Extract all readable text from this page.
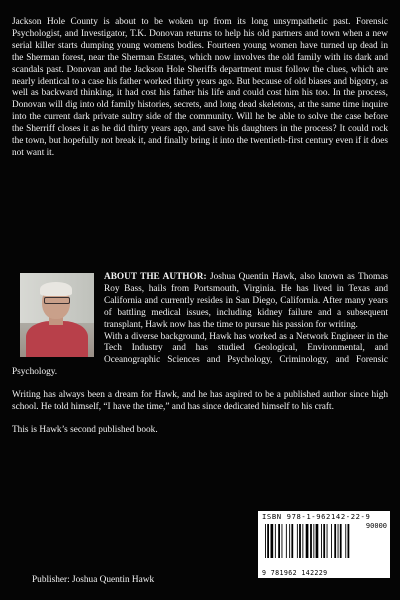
Jackson Hole County is about to be woken up from its long unsympathetic past. Forensic Psychologist, and Investigator, T.K. Donovan returns to help his old partners and town when a new serial killer starts dumping young womens bodies. Fourteen young women have turned up dead in the Sherman forest, near the Sherman Estates, which now involves the old family with its dark and scandals past. Donovan and the Jackson Hole Sheriffs department must follow the clues, which are nearly identical to a case his father worked thirty years ago. But because of old biases and bigotry, as well as backward thinking, it had cost his father his life and could cost him his too. In the process, Donovan will dig into old family histories, secrets, and long dead skeletons, at the same time inquire into the current dark private sultry side of the community. Will he be able to solve the case before the Sherriff closes it as he did thirty years ago, and save his daughters in the process? It could rock the town, but hopefully not break it, and finally bring it into the twentieth-first century even if it does not want it.

ABOUT THE AUTHOR: Joshua Quentin Hawk, also known as Thomas Roy Bass, hails from Portsmouth, Virginia. He has lived in Texas and California and currently resides in San Diego, California. After many years of battling medical issues, including kidney failure and a subsequent transplant, Hawk now has the time to pursue his passion for writing.

With a diverse background, Hawk has worked as a Network Engineer in the Tech Industry and has studied Geological, Environmental, and Oceanographic Sciences and Psychology, Criminology, and Forensic Psychology.

Writing has always been a dream for Hawk, and he has aspired to be a published author since high school. He told himself, “I have the time,” and has since dedicated himself to his craft.

This is Hawk’s second published book.

ISBN 978-1-962142-22-9
90000
9 781962 142229
Publisher: Joshua Quentin Hawk
